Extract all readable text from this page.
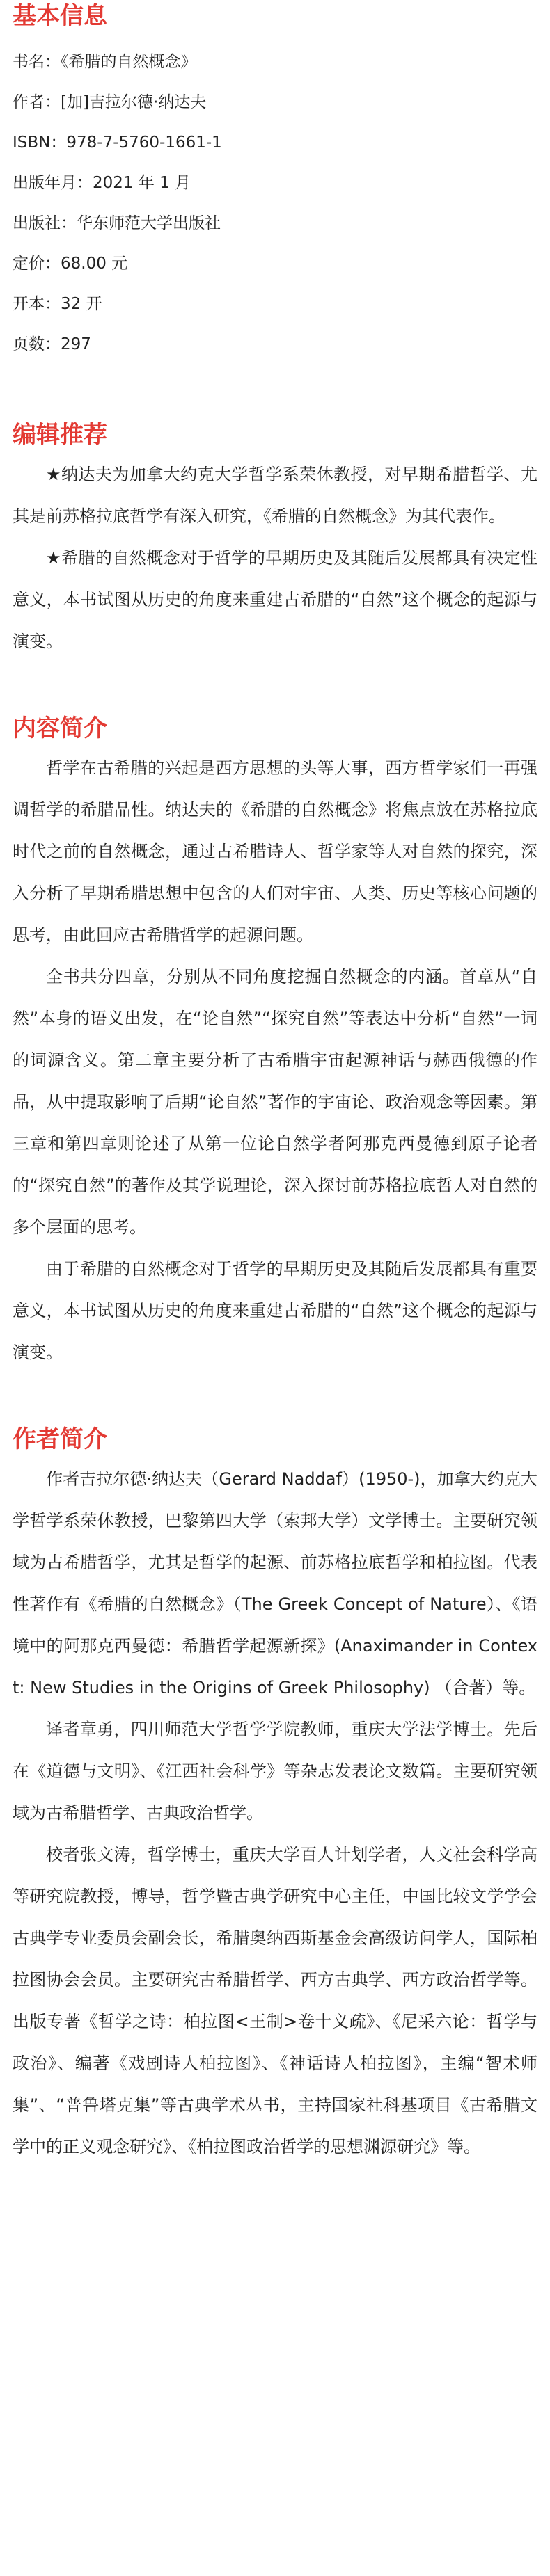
基本信息

书名：《希腊的自然概念》

作者：[加]吉拉尔德·纳达夫

ISBN：978-7-5760-1661-1

出版年月：2021 年 1 月

出版社：华东师范大学出版社

定价：68.00 元

开本：32 开

页数：297

编辑推荐

★纳达夫为加拿大约克大学哲学系荣休教授，对早期希腊哲学、尤其是前苏格拉底哲学有深入研究，《希腊的自然概念》为其代表作。

★希腊的自然概念对于哲学的早期历史及其随后发展都具有决定性意义，本书试图从历史的角度来重建古希腊的“自然”这个概念的起源与演变。

内容简介

哲学在古希腊的兴起是西方思想的头等大事，西方哲学家们一再强调哲学的希腊品性。纳达夫的《希腊的自然概念》将焦点放在苏格拉底时代之前的自然概念，通过古希腊诗人、哲学家等人对自然的探究，深入分析了早期希腊思想中包含的人们对宇宙、人类、历史等核心问题的思考，由此回应古希腊哲学的起源问题。

全书共分四章，分别从不同角度挖掘自然概念的内涵。首章从“自然”本身的语义出发，在“论自然”“探究自然”等表达中分析“自然”一词的词源含义。第二章主要分析了古希腊宇宙起源神话与赫西俄德的作品，从中提取影响了后期“论自然”著作的宇宙论、政治观念等因素。第三章和第四章则论述了从第一位论自然学者阿那克西曼德到原子论者的“探究自然”的著作及其学说理论，深入探讨前苏格拉底哲人对自然的多个层面的思考。

由于希腊的自然概念对于哲学的早期历史及其随后发展都具有重要意义，本书试图从历史的角度来重建古希腊的“自然”这个概念的起源与演变。

作者简介

作者吉拉尔德·纳达夫（Gerard Naddaf）(1950-)，加拿大约克大学哲学系荣休教授，巴黎第四大学（索邦大学）文学博士。主要研究领域为古希腊哲学，尤其是哲学的起源、前苏格拉底哲学和柏拉图。代表性著作有《希腊的自然概念》（The Greek Concept of Nature）、《语境中的阿那克西曼德：希腊哲学起源新探》(Anaximander in Context: New Studies in the Origins of Greek Philosophy) （合著）等。

译者章勇，四川师范大学哲学学院教师，重庆大学法学博士。先后在《道德与文明》、《江西社会科学》等杂志发表论文数篇。主要研究领域为古希腊哲学、古典政治哲学。

校者张文涛，哲学博士，重庆大学百人计划学者，人文社会科学高等研究院教授，博导，哲学暨古典学研究中心主任，中国比较文学学会古典学专业委员会副会长，希腊奥纳西斯基金会高级访问学人，国际柏拉图协会会员。主要研究古希腊哲学、西方古典学、西方政治哲学等。出版专著《哲学之诗：柏拉图<王制>卷十义疏》、《尼采六论：哲学与政治》、编著《戏剧诗人柏拉图》、《神话诗人柏拉图》，主编“智术师集”、“普鲁塔克集”等古典学术丛书，主持国家社科基项目《古希腊文学中的正义观念研究》、《柏拉图政治哲学的思想渊源研究》等。
